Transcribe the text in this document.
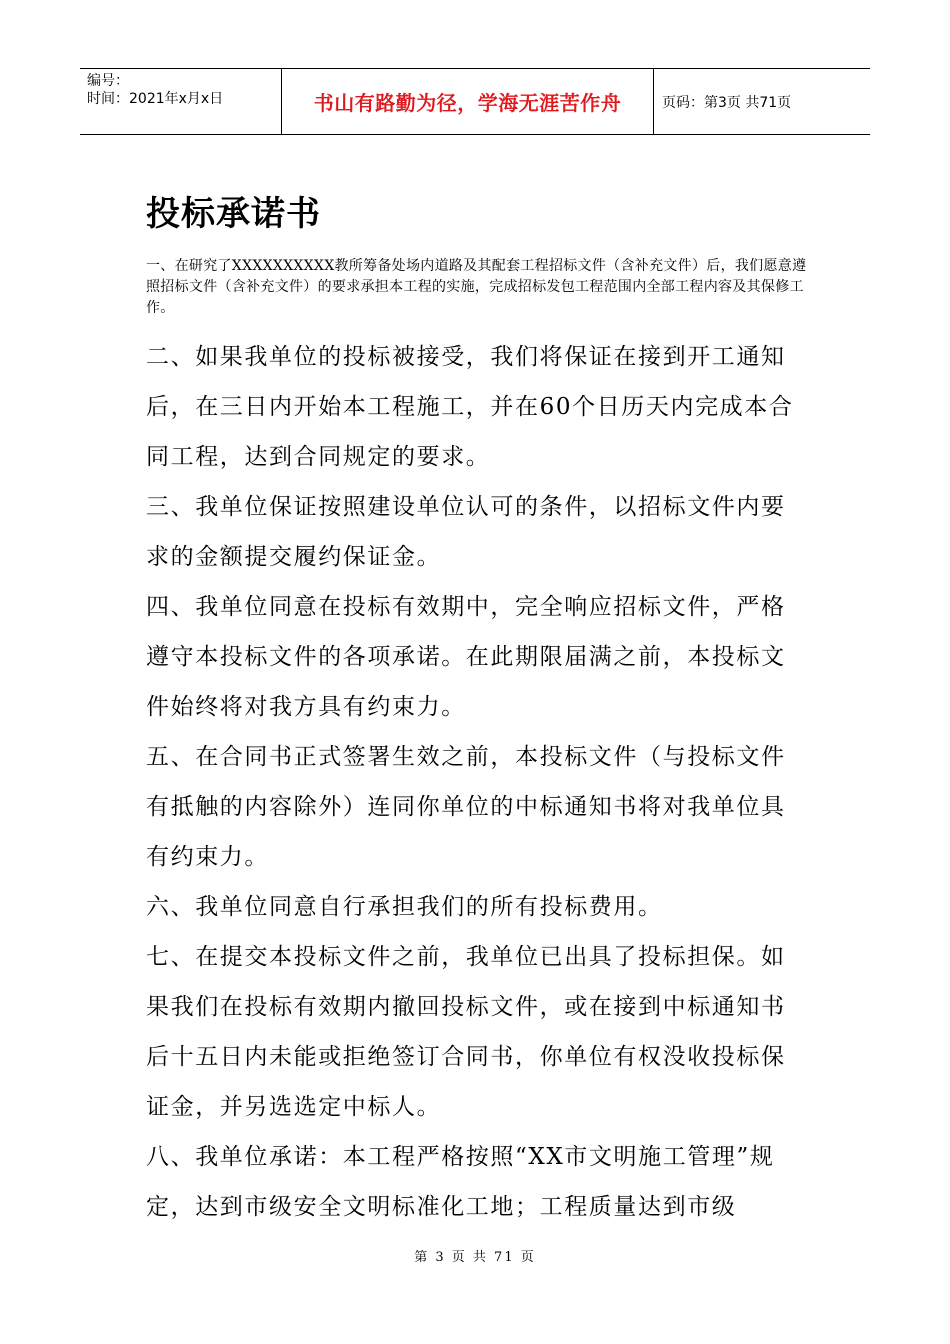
编号：
时间：2021年x月x日	书山有路勤为径，学海无涯苦作舟	页码：第3页 共71页
投标承诺书
一、在研究了XXXXXXXXXX教所筹备处场内道路及其配套工程招标文件（含补充文件）后，我们愿意遵照招标文件（含补充文件）的要求承担本工程的实施，完成招标发包工程范围内全部工程内容及其保修工作。
二、如果我单位的投标被接受，我们将保证在接到开工通知后，在三日内开始本工程施工，并在60个日历天内完成本合同工程，达到合同规定的要求。
三、我单位保证按照建设单位认可的条件，以招标文件内要求的金额提交履约保证金。
四、我单位同意在投标有效期中，完全响应招标文件，严格遵守本投标文件的各项承诺。在此期限届满之前，本投标文件始终将对我方具有约束力。
五、在合同书正式签署生效之前，本投标文件（与投标文件有抵触的内容除外）连同你单位的中标通知书将对我单位具有约束力。
六、我单位同意自行承担我们的所有投标费用。
七、在提交本投标文件之前，我单位已出具了投标担保。如果我们在投标有效期内撤回投标文件，或在接到中标通知书后十五日内未能或拒绝签订合同书，你单位有权没收投标保证金，并另选选定中标人。
八、我单位承诺：本工程严格按照“XX市文明施工管理”规定，达到市级安全文明标准化工地；工程质量达到市级
第 3 页 共 71 页
